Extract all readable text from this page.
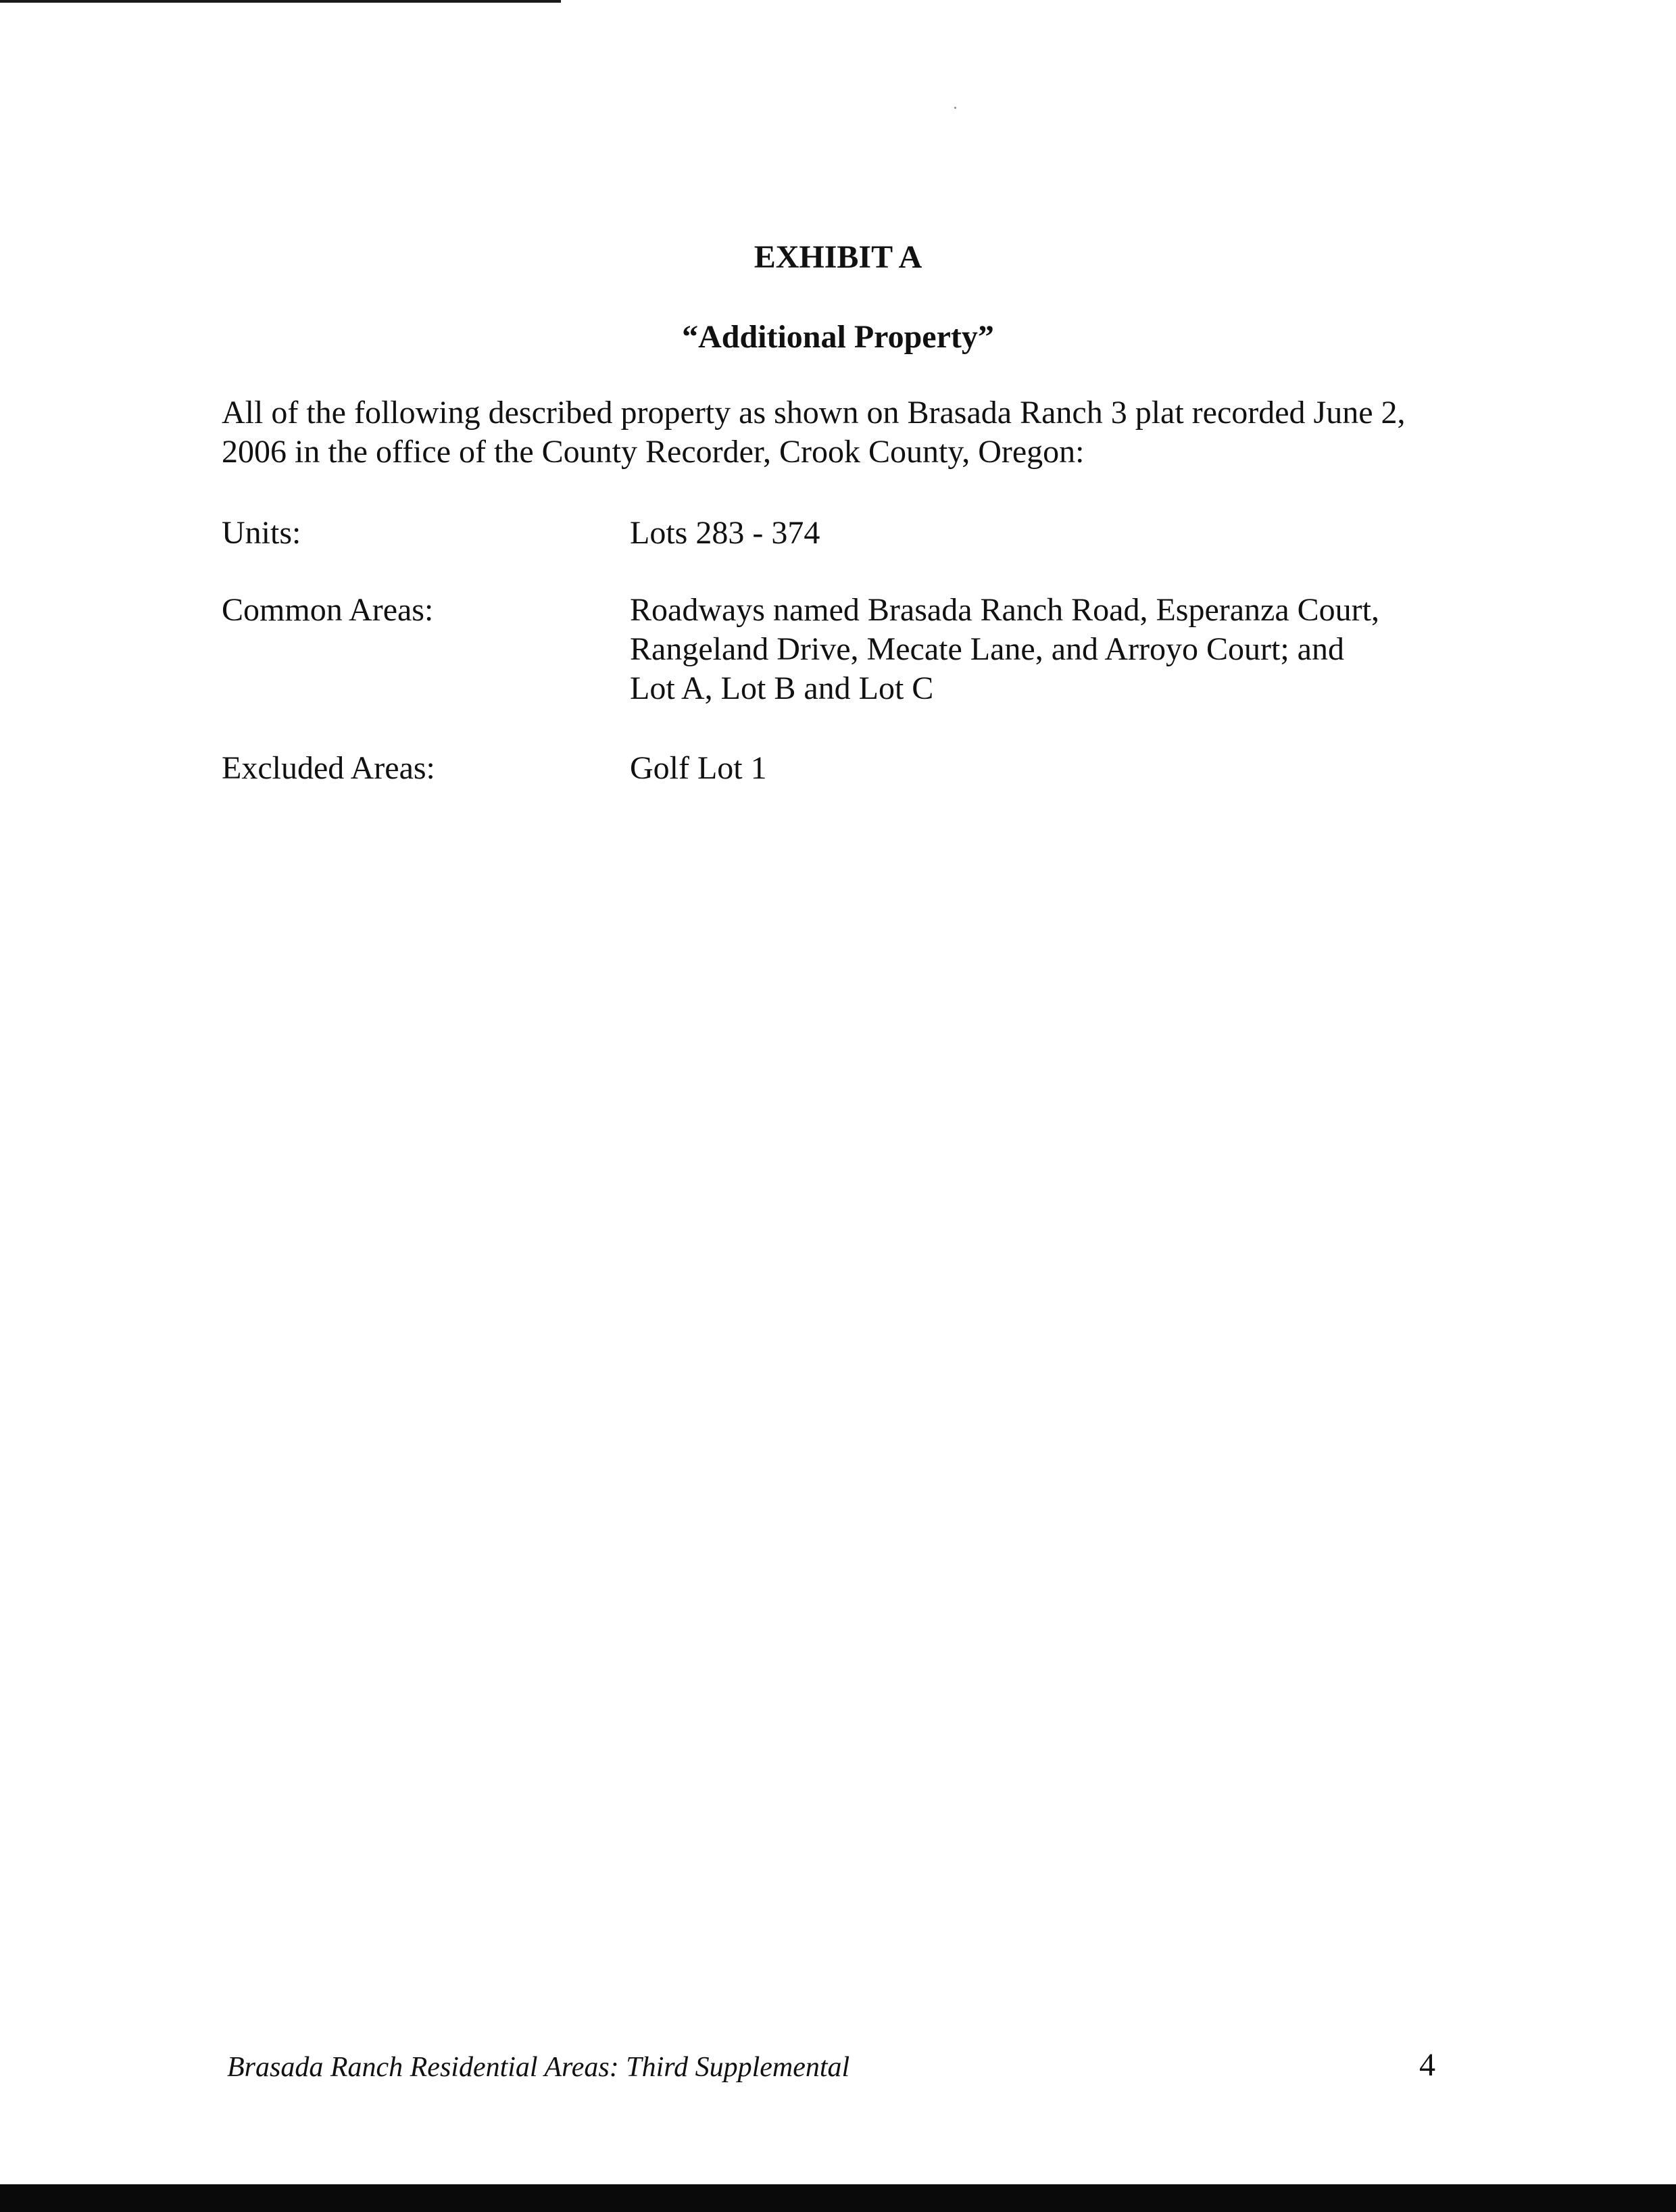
EXHIBIT A
“Additional Property”

All of the following described property as shown on Brasada Ranch 3 plat recorded June 2,
2006 in the office of the County Recorder, Crook County, Oregon:

Units:	Lots 283 - 374
Common Areas:	Roadways named Brasada Ranch Road, Esperanza Court,
Rangeland Drive, Mecate Lane, and Arroyo Court; and
Lot A, Lot B and Lot C
Excluded Areas:	Golf Lot 1
Brasada Ranch Residential Areas: Third Supplemental	4
